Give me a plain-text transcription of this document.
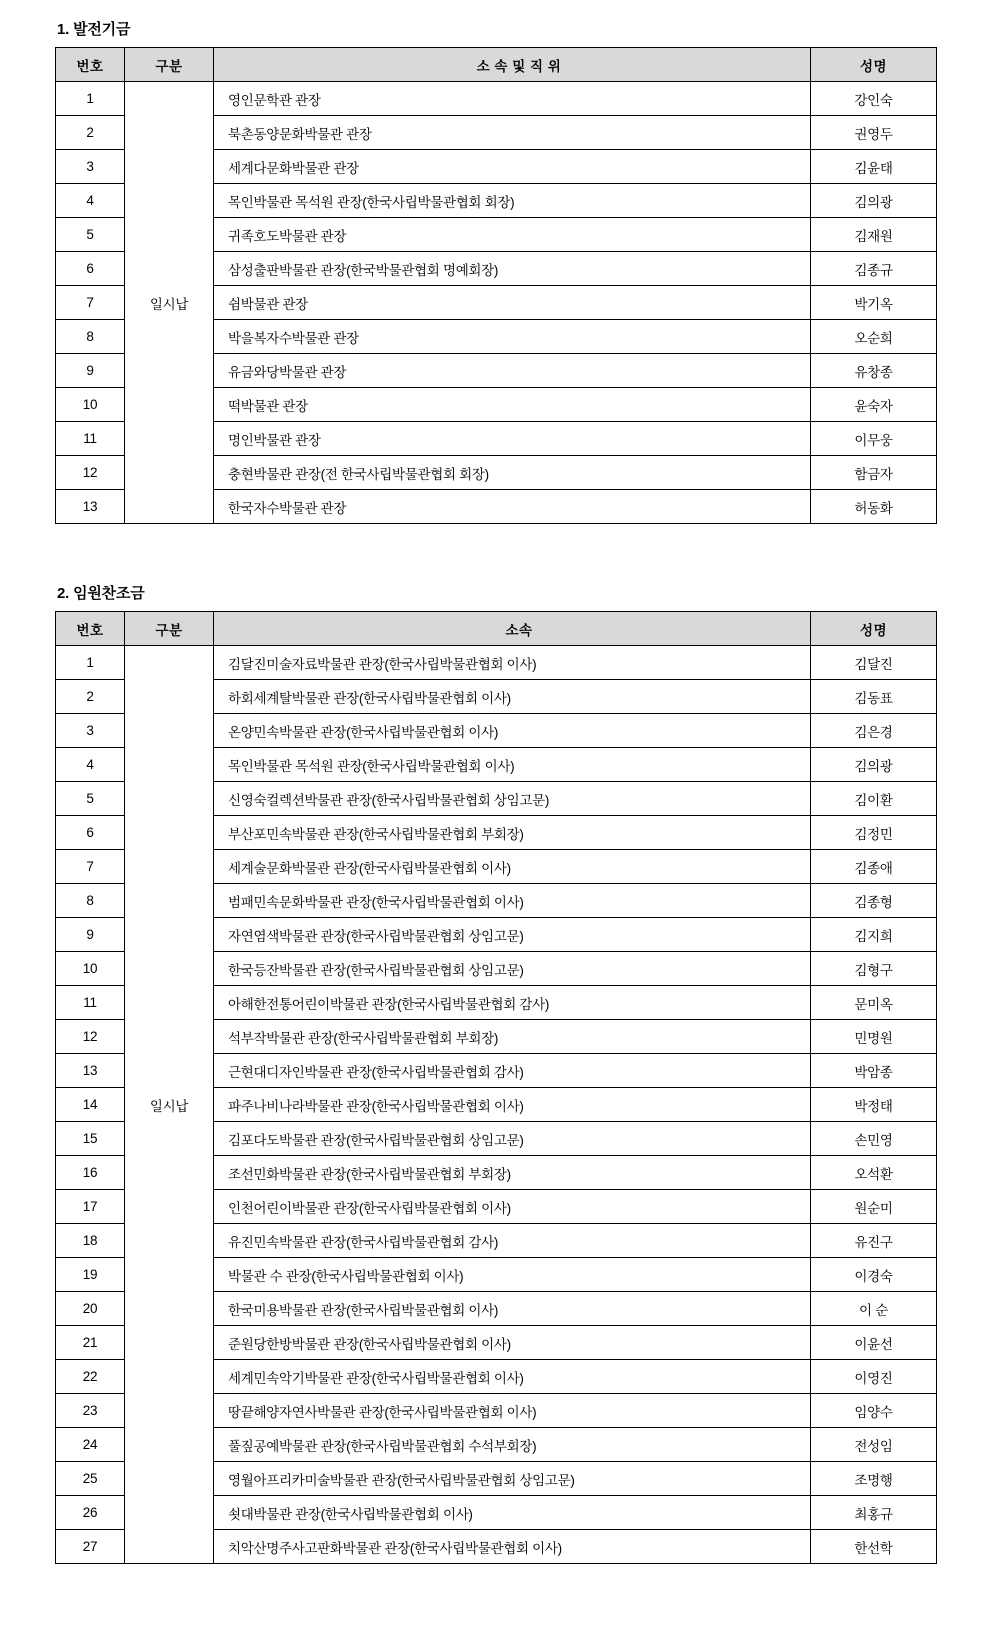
1. 발전기금
번호	구분	소 속 및 직 위	성명
1	일시납	영인문학관 관장	강인숙
2		북촌동양문화박물관 관장	권영두
3		세계다문화박물관 관장	김윤태
4		목인박물관 목석원 관장(한국사립박물관협회 회장)	김의광
5		귀족호도박물관 관장	김재원
6		삼성출판박물관 관장(한국박물관협회 명예회장)	김종규
7		쉼박물관 관장	박기옥
8		박을복자수박물관 관장	오순희
9		유금와당박물관 관장	유창종
10		떡박물관 관장	윤숙자
11		명인박물관 관장	이무웅
12		충현박물관 관장(전 한국사립박물관협회 회장)	함금자
13		한국자수박물관 관장	허동화
2. 임원찬조금
번호	구분	소속	성명
1	일시납	김달진미술자료박물관 관장(한국사립박물관협회 이사)	김달진
2		하회세계탈박물관 관장(한국사립박물관협회 이사)	김동표
3		온양민속박물관 관장(한국사립박물관협회 이사)	김은경
4		목인박물관 목석원 관장(한국사립박물관협회 이사)	김의광
5		신영숙컬렉션박물관 관장(한국사립박물관협회 상임고문)	김이환
6		부산포민속박물관 관장(한국사립박물관협회 부회장)	김정민
7		세계술문화박물관 관장(한국사립박물관협회 이사)	김종애
8		범패민속문화박물관 관장(한국사립박물관협회 이사)	김종형
9		자연염색박물관 관장(한국사립박물관협회 상임고문)	김지희
10		한국등잔박물관 관장(한국사립박물관협회 상임고문)	김형구
11		아해한전통어린이박물관 관장(한국사립박물관협회 감사)	문미옥
12		석부작박물관 관장(한국사립박물관협회 부회장)	민명원
13		근현대디자인박물관 관장(한국사립박물관협회 감사)	박암종
14		파주나비나라박물관 관장(한국사립박물관협회 이사)	박정태
15		김포다도박물관 관장(한국사립박물관협회 상임고문)	손민영
16		조선민화박물관 관장(한국사립박물관협회 부회장)	오석환
17		인천어린이박물관 관장(한국사립박물관협회 이사)	원순미
18		유진민속박물관 관장(한국사립박물관협회 감사)	유진구
19		박물관 수 관장(한국사립박물관협회 이사)	이경숙
20		한국미용박물관 관장(한국사립박물관협회 이사)	이 순
21		준원당한방박물관 관장(한국사립박물관협회 이사)	이윤선
22		세계민속악기박물관 관장(한국사립박물관협회 이사)	이영진
23		땅끝해양자연사박물관 관장(한국사립박물관협회 이사)	임양수
24		풀짚공예박물관 관장(한국사립박물관협회 수석부회장)	전성임
25		영월아프리카미술박물관 관장(한국사립박물관협회 상임고문)	조명행
26		쇳대박물관 관장(한국사립박물관협회 이사)	최홍규
27		치악산명주사고판화박물관 관장(한국사립박물관협회 이사)	한선학
